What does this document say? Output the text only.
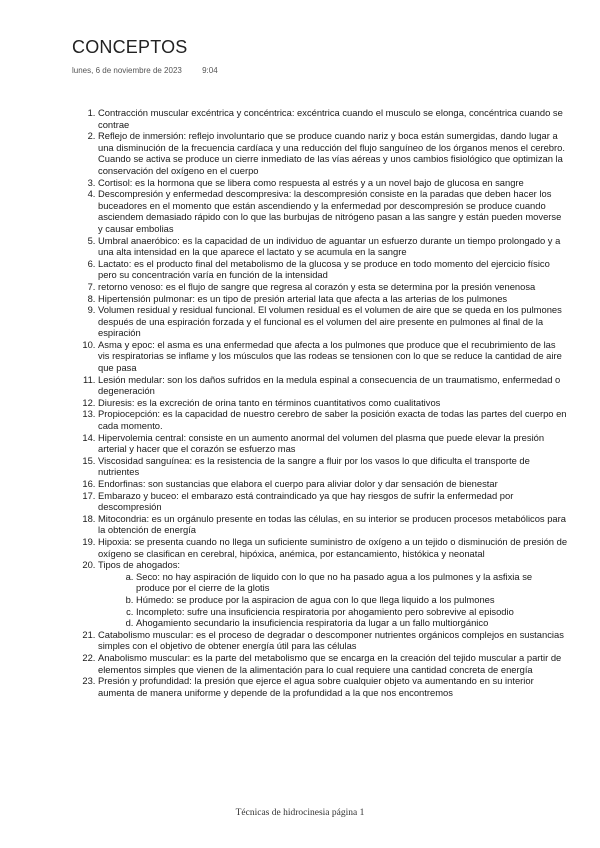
CONCEPTOS
lunes, 6 de noviembre de 2023	9:04
1. Contracción muscular excéntrica y concéntrica: excéntrica cuando el musculo se elonga, concéntrica cuando se contrae
2. Reflejo de inmersión: reflejo involuntario que se produce cuando nariz y boca están sumergidas, dando lugar a una disminución de la frecuencia cardíaca y una reducción del flujo sanguíneo de los órganos menos el cerebro. Cuando se activa se produce un cierre inmediato de las vías aéreas y unos cambios fisiológico que optimizan la conservación del oxígeno en el cuerpo
3. Cortisol: es la hormona que se libera como respuesta al estrés y a un novel bajo de glucosa en sangre
4. Descompresión y enfermedad descompresiva: la descompresión consiste en la paradas que deben hacer los buceadores en el momento que están ascendiendo y la enfermedad por descompresión se produce cuando asciendem demasiado rápido con lo que las burbujas de nitrógeno pasan a las sangre y están pueden moverse y causar embolias
5. Umbral anaeróbico: es la capacidad de un individuo de aguantar un esfuerzo durante un tiempo prolongado y a una alta intensidad en la que aparece el lactato y se acumula en la sangre
6. Lactato: es el producto final del metabolismo de la glucosa y se produce en todo momento del ejercicio físico pero su concentración varía en función de la intensidad
7. retorno venoso: es el flujo de sangre que regresa al corazón y esta se determina por la presión venenosa
8. Hipertensión pulmonar: es un tipo de presión arterial lata que afecta a las arterias de los pulmones
9. Volumen residual y residual funcional. El volumen residual es el volumen de aire que se queda en los pulmones después de una espiración forzada y el funcional es el volumen del aire presente en pulmones al final de la espiración
10. Asma y epoc: el asma es una enfermedad que afecta a los pulmones que produce que el recubrimiento de las vis respiratorias se inflame y los músculos que las rodeas se tensionen con lo que se reduce la cantidad de aire que pasa
11. Lesión medular: son los daños sufridos en la medula espinal a consecuencia de un traumatismo, enfermedad o degeneración
12. Diuresis: es la excreción de orina tanto en términos cuantitativos como cualitativos
13. Propiocepción: es la capacidad de nuestro cerebro de saber la posición exacta de todas las partes del cuerpo en cada momento.
14. Hipervolemia central: consiste en un aumento anormal del volumen del plasma que puede elevar la presión arterial y hacer que el corazón se esfuerzo mas
15. Viscosidad sanguínea: es la resistencia de la sangre a fluir por los vasos lo que dificulta el transporte de nutrientes
16. Endorfinas: son sustancias que elabora el cuerpo para aliviar dolor y dar sensación de bienestar
17. Embarazo y buceo: el embarazo está contraindicado ya que hay riesgos de sufrir la enfermedad por descompresión
18. Mitocondria: es un orgánulo presente en todas las células, en su interior se producen procesos metabólicos para la obtención de energía
19. Hipoxia: se presenta cuando no llega un suficiente suministro de oxígeno a un tejido o disminución de presión de oxígeno se clasifican en cerebral, hipóxica, anémica, por estancamiento, histókica y neonatal
20. Tipos de ahogados:
a. Seco: no hay aspiración de liquido con lo que no ha pasado agua a los pulmones y la asfixia se produce por el cierre de la glotis
b. Húmedo: se produce por la aspiracion de agua con lo que llega liquido a los pulmones
c. Incompleto: sufre una insuficiencia respiratoria por ahogamiento pero sobrevive al episodio
d. Ahogamiento secundario la insuficiencia respiratoria da lugar a un fallo multiorgánico
21. Catabolismo muscular: es el proceso de degradar o descomponer nutrientes orgánicos complejos en sustancias simples con el objetivo de obtener energía útil para las células
22. Anabolismo muscular: es la parte del metabolismo que se encarga en la creación del tejido muscular a partir de elementos simples que vienen de la alimentación para lo cual requiere una cantidad concreta de energía
23. Presión y profundidad: la presión que ejerce el agua sobre cualquier objeto va aumentando en su interior aumenta de manera uniforme y depende de la profundidad a la que nos encontremos
Técnicas de hidrocinesia página 1
